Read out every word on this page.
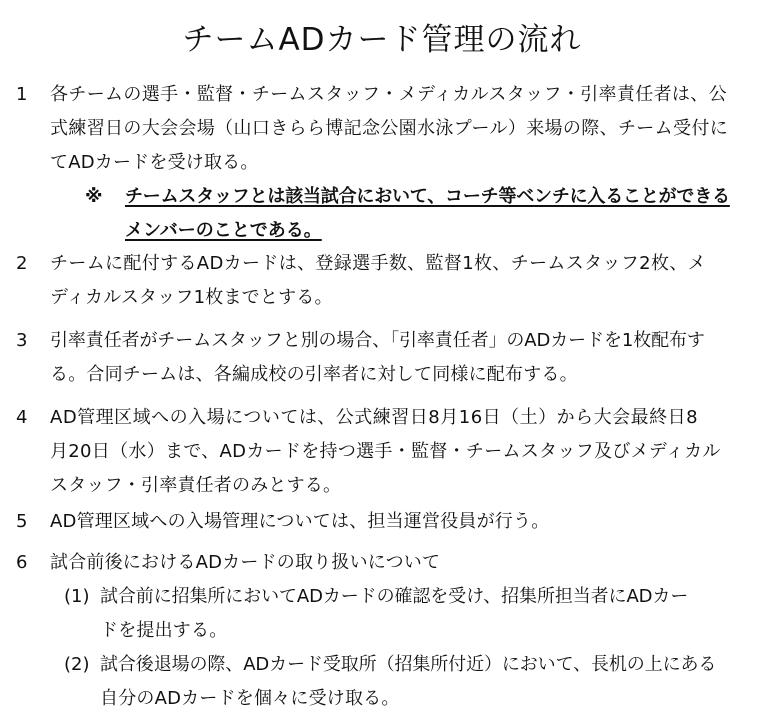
チームADカード管理の流れ
1 各チームの選手・監督・チームスタッフ・メディカルスタッフ・引率責任者は、公
式練習日の大会会場（山口きらら博記念公園水泳プール）来場の際、チーム受付に
てADカードを受け取る。
※ チームスタッフとは該当試合において、コーチ等ベンチに入ることができる
メンバーのことである。
2 チームに配付するADカードは、登録選手数、監督1枚、チームスタッフ2枚、メ
ディカルスタッフ1枚までとする。
3 引率責任者がチームスタッフと別の場合、「引率責任者」のADカードを1枚配布す
る。合同チームは、各編成校の引率者に対して同様に配布する。
4 AD管理区域への入場については、公式練習日8月16日（土）から大会最終日8
月20日（水）まで、ADカードを持つ選手・監督・チームスタッフ及びメディカル
スタッフ・引率責任者のみとする。
5 AD管理区域への入場管理については、担当運営役員が行う。
6 試合前後におけるADカードの取り扱いについて
(1) 試合前に招集所においてADカードの確認を受け、招集所担当者にADカー
ドを提出する。
(2) 試合後退場の際、ADカード受取所（招集所付近）において、長机の上にある
自分のADカードを個々に受け取る。
